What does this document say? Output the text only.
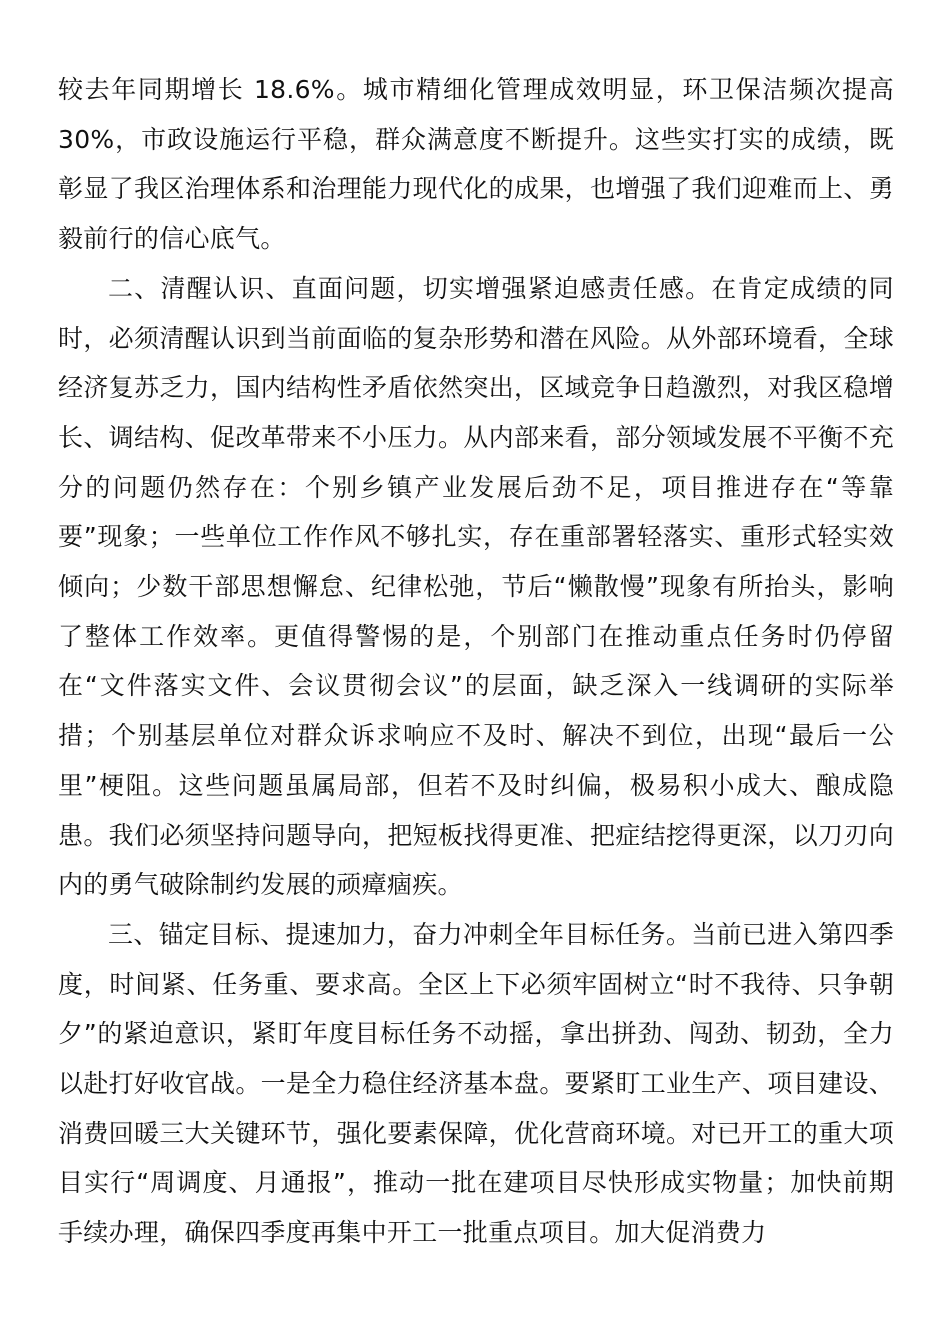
较去年同期增长 18.6%。城市精细化管理成效明显，环卫保洁频次提高 30%，市政设施运行平稳，群众满意度不断提升。这些实打实的成绩，既彰显了我区治理体系和治理能力现代化的成果，也增强了我们迎难而上、勇毅前行的信心底气。

二、清醒认识、直面问题，切实增强紧迫感责任感。在肯定成绩的同时，必须清醒认识到当前面临的复杂形势和潜在风险。从外部环境看，全球经济复苏乏力，国内结构性矛盾依然突出，区域竞争日趋激烈，对我区稳增长、调结构、促改革带来不小压力。从内部来看，部分领域发展不平衡不充分的问题仍然存在：个别乡镇产业发展后劲不足，项目推进存在“等靠要”现象；一些单位工作作风不够扎实，存在重部署轻落实、重形式轻实效倾向；少数干部思想懈怠、纪律松弛，节后“懒散慢”现象有所抬头，影响了整体工作效率。更值得警惕的是，个别部门在推动重点任务时仍停留在“文件落实文件、会议贯彻会议”的层面，缺乏深入一线调研的实际举措；个别基层单位对群众诉求响应不及时、解决不到位，出现“最后一公里”梗阻。这些问题虽属局部，但若不及时纠偏，极易积小成大、酿成隐患。我们必须坚持问题导向，把短板找得更准、把症结挖得更深，以刀刃向内的勇气破除制约发展的顽瘴痼疾。

三、锚定目标、提速加力，奋力冲刺全年目标任务。当前已进入第四季度，时间紧、任务重、要求高。全区上下必须牢固树立“时不我待、只争朝夕”的紧迫意识，紧盯年度目标任务不动摇，拿出拼劲、闯劲、韧劲，全力以赴打好收官战。一是全力稳住经济基本盘。要紧盯工业生产、项目建设、消费回暖三大关键环节，强化要素保障，优化营商环境。对已开工的重大项目实行“周调度、月通报”，推动一批在建项目尽快形成实物量；加快前期手续办理，确保四季度再集中开工一批重点项目。加大促消费力
